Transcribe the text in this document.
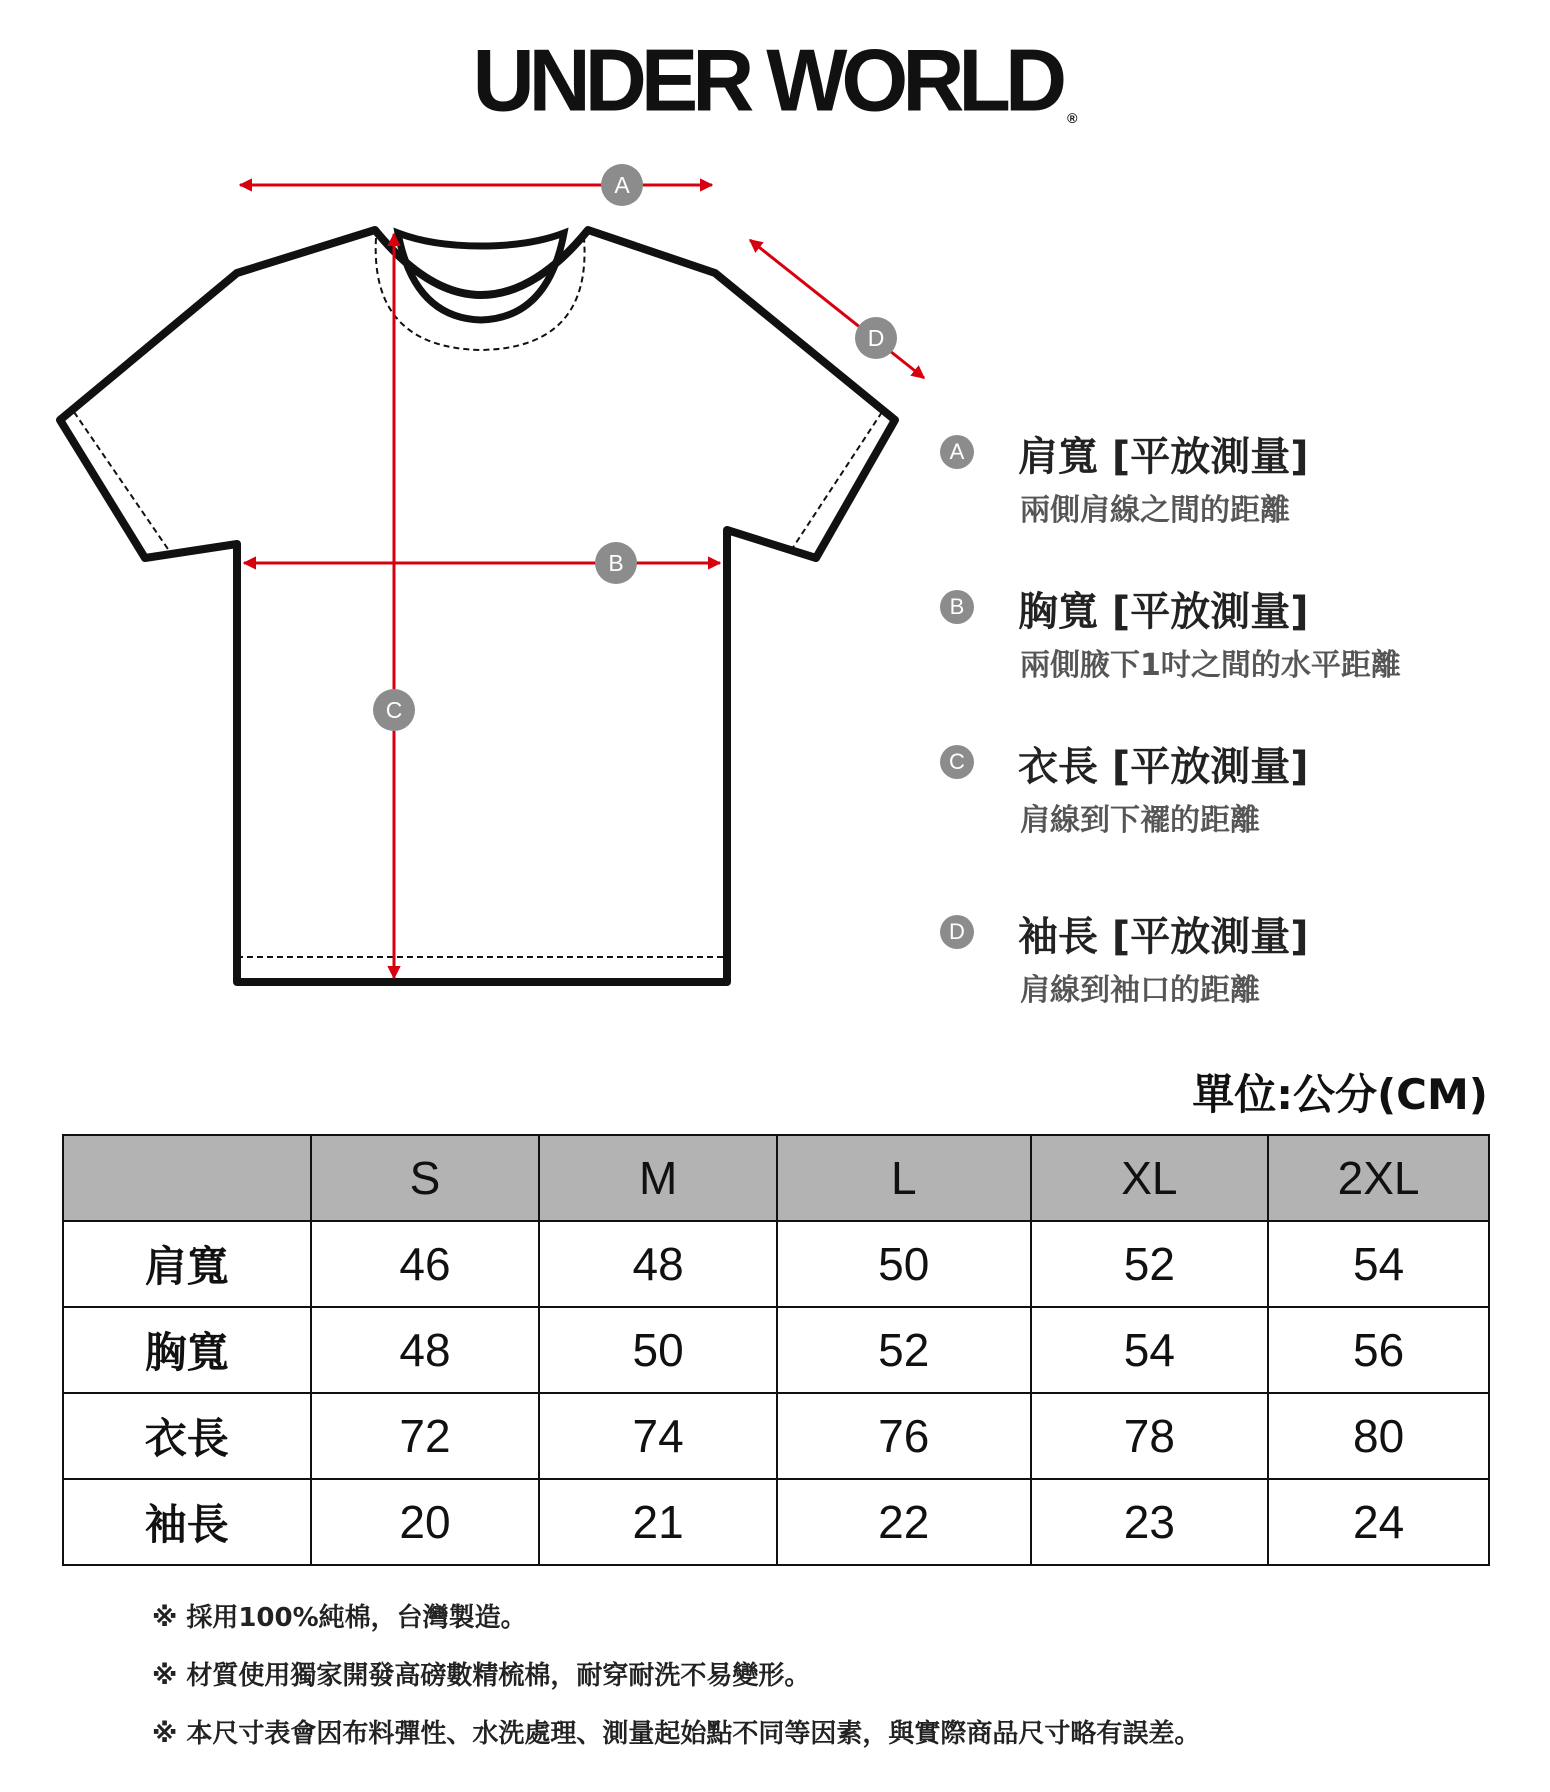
UNDER WORLD ®
A
D
B
C
A 肩寬 [平放測量]
兩側肩線之間的距離
B 胸寬 [平放測量]
兩側腋下1吋之間的水平距離
C 衣長 [平放測量]
肩線到下襬的距離
D 袖長 [平放測量]
肩線到袖口的距離
單位:公分(CM)
	S	M	L	XL	2XL
肩寬	46	48	50	52	54
胸寬	48	50	52	54	56
衣長	72	74	76	78	80
袖長	20	21	22	23	24
※ 採用100%純棉，台灣製造。
※ 材質使用獨家開發高磅數精梳棉，耐穿耐洗不易變形。
※ 本尺寸表會因布料彈性、水洗處理、測量起始點不同等因素，與實際商品尺寸略有誤差。
